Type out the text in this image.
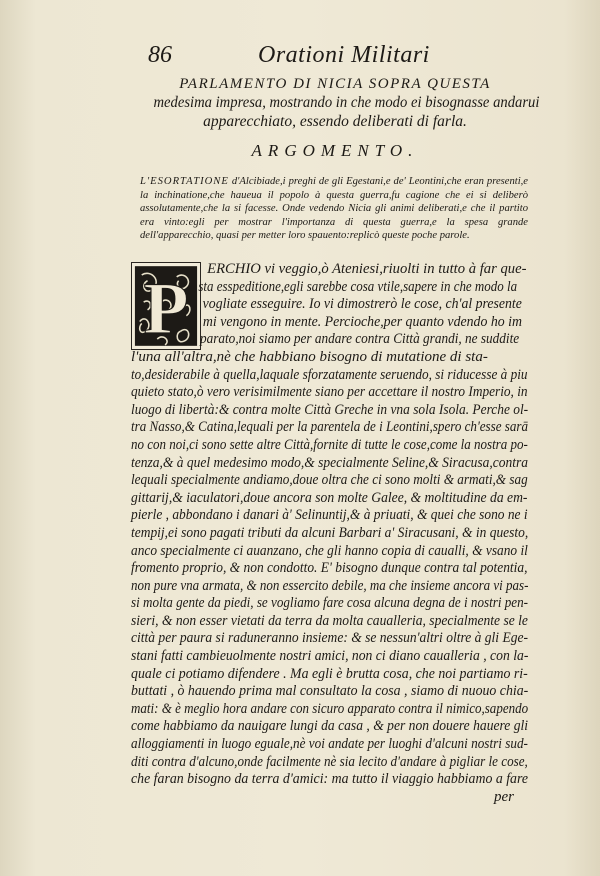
86	Orationi Militari
PARLAMENTO DI NICIA SOPRA QUESTA
medesima impresa, mostrando in che modo ei bisognasse andarui
apparecchiato, essendo deliberati di farla.
ARGOMENTO.
L'ESORTATIONE d'Alcibiade,i preghi de gli Egestani,e de' Leontini,che eran presenti,e la inchinatione,che haueua il popolo à questa guerra,fu cagione che ei si deliberò assolutamente,che la si facesse. Onde vedendo Nicia gli animi deliberati,e che il partito era vinto:egli per mostrar l'importanza di questa guerra,e la spesa grande dell'apparecchio, quasi per metter loro spauento:replicò queste poche parole.
P	ERCHIO vi veggio,ò Ateniesi,riuolti in tutto à far que-
sta esspeditione,egli sarebbe cosa vtile,sapere in che modo la
vogliate esseguire. Io vi dimostrerò le cose, ch'al presente
mi vengono in mente. Percioche,per quanto vdendo ho im
parato,noi siamo per andare contra Città grandi, ne suddite
l'una all'altra,nè che habbiano bisogno di mutatione di sta-
to,desiderabile à quella,laquale sforzatamente seruendo, si riducesse à piu
quieto stato,ò vero verisimilmente siano per accettare il nostro Imperio, in
luogo di libertà:& contra molte Città Greche in vna sola Isola. Perche ol-
tra Nasso,& Catina,lequali per la parentela de i Leontini,spero ch'esse sarā
no con noi,ci sono sette altre Città,fornite di tutte le cose,come la nostra po-
tenza,& à quel medesimo modo,& specialmente Seline,& Siracusa,contra
lequali specialmente andiamo,doue oltra che ci sono molti & armati,& sag
gittarij,& iaculatori,doue ancora son molte Galee, & moltitudine da em-
pierle , abbondano i danari à' Selinuntij,& à priuati, & quei che sono ne i
tempij,ei sono pagati tributi da alcuni Barbari a' Siracusani, & in questo,
anco specialmente ci auanzano, che gli hanno copia di caualli, & vsano il
fromento proprio, & non condotto. E' bisogno dunque contra tal potentia,
non pure vna armata, & non essercito debile, ma che insieme ancora vi pas-
si molta gente da piedi, se vogliamo fare cosa alcuna degna de i nostri pen-
sieri, & non esser vietati da terra da molta caualleria, specialmente se le
città per paura si raduneranno insieme: & se nessun'altri oltre à gli Ege-
stani fatti cambieuolmente nostri amici, non ci diano caualleria , con la-
quale ci potiamo difendere . Ma egli è brutta cosa, che noi partiamo ri-
buttati , ò hauendo prima mal consultato la cosa , siamo di nuouo chia-
mati: & è meglio hora andare con sicuro apparato contra il nimico,sapendo
come habbiamo da nauigare lungi da casa , & per non douere hauere gli
alloggiamenti in luogo eguale,nè voi andate per luoghi d'alcuni nostri sud-
diti contra d'alcuno,onde facilmente nè sia lecito d'andare à pigliar le cose,
che faran bisogno da terra d'amici: ma tutto il viaggio habbiamo a fare
per
